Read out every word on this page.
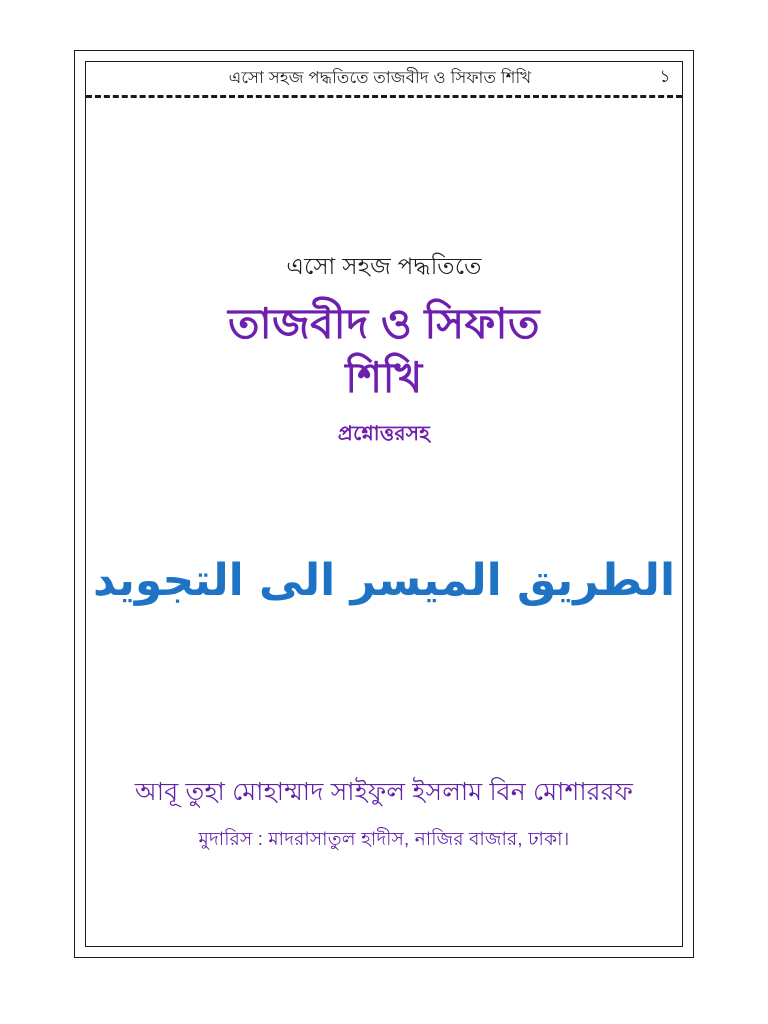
এসো সহজ পদ্ধতিতে তাজবীদ ও সিফাত শিখি	১
এসো সহজ পদ্ধতিতে
তাজবীদ ও সিফাত
শিখি
প্রশ্নোত্তরসহ
الطريق الميسر الى التجويد
আবূ তুহা মোহাম্মাদ সাইফুল ইসলাম বিন মোশাররফ
মুদারিস : মাদরাসাতুল হাদীস, নাজির বাজার, ঢাকা।
